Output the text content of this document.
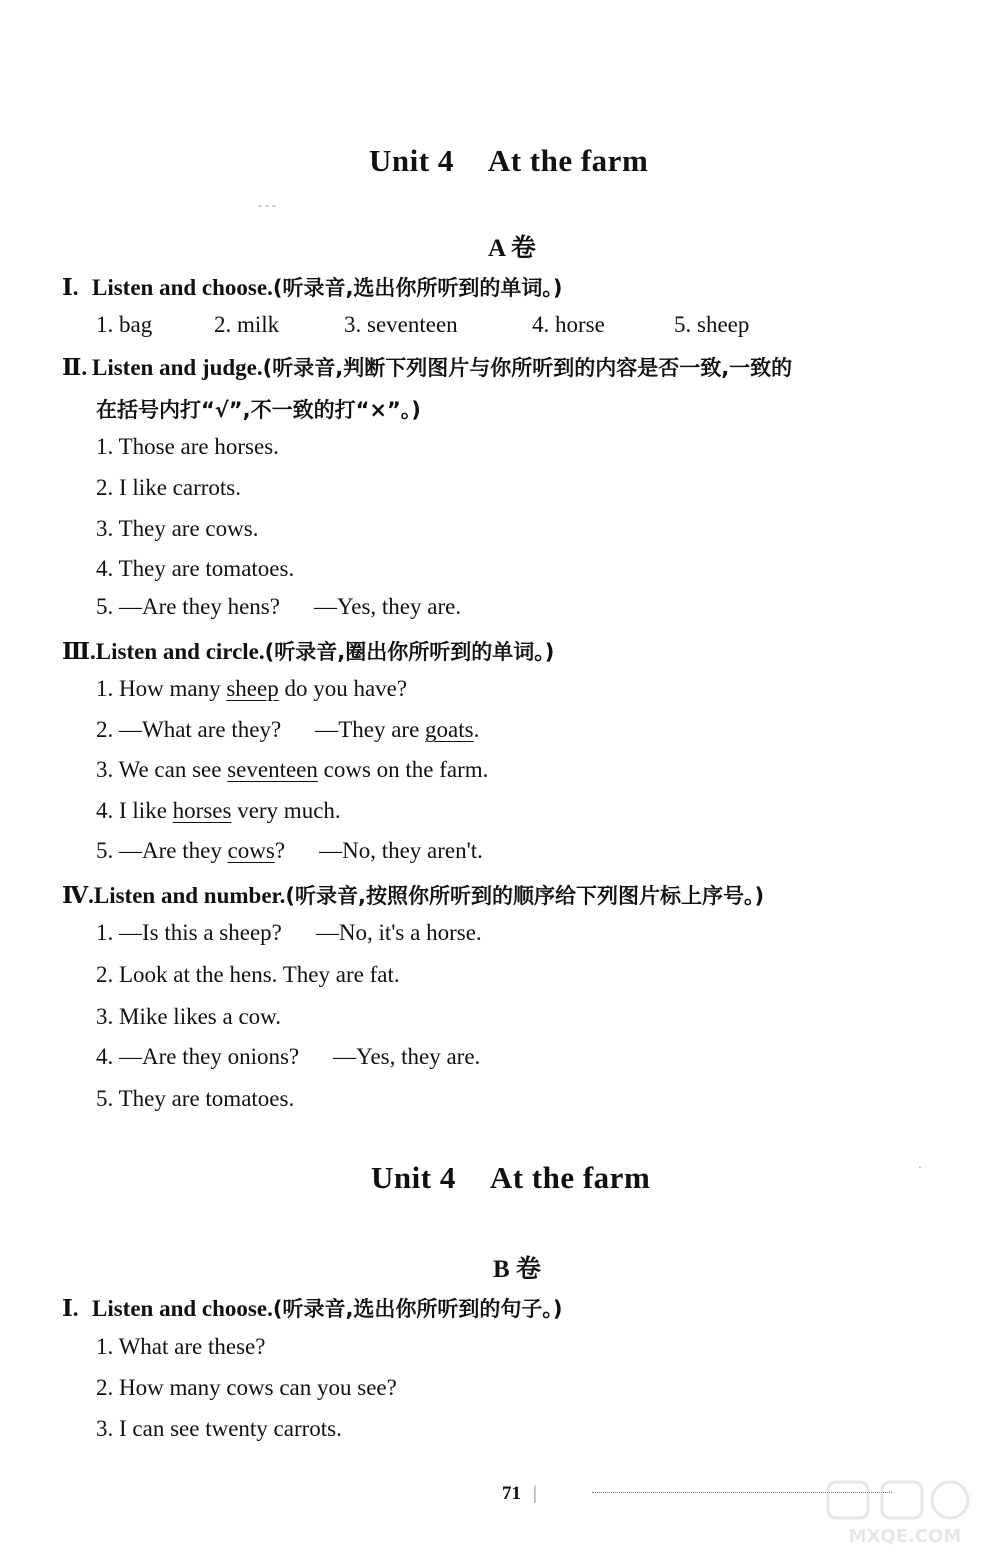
Unit 4 At the farm
- - -
A 卷
Ⅰ. Listen and choose.(听录音,选出你所听到的单词。)
1. bag	2. milk	3. seventeen	4. horse	5. sheep
Ⅱ. Listen and judge.(听录音,判断下列图片与你所听到的内容是否一致,一致的
在括号内打“√”,不一致的打“×”。)
1. Those are horses.
2. I like carrots.
3. They are cows.
4. They are tomatoes.
5. —Are they hens? —Yes, they are.
Ⅲ.Listen and circle.(听录音,圈出你所听到的单词。)
1. How many sheep do you have?
2. —What are they? —They are goats.
3. We can see seventeen cows on the farm.
4. I like horses very much.
5. —Are they cows? —No, they aren't.
Ⅳ.Listen and number.(听录音,按照你所听到的顺序给下列图片标上序号。)
1. —Is this a sheep? —No, it's a horse.
2. Look at the hens. They are fat.
3. Mike likes a cow.
4. —Are they onions? —Yes, they are.
5. They are tomatoes.
Unit 4 At the farm	·
B 卷
Ⅰ. Listen and choose.(听录音,选出你所听到的句子。)
1. What are these?
2. How many cows can you see?
3. I can see twenty carrots.
71 |
MXQE.COM
